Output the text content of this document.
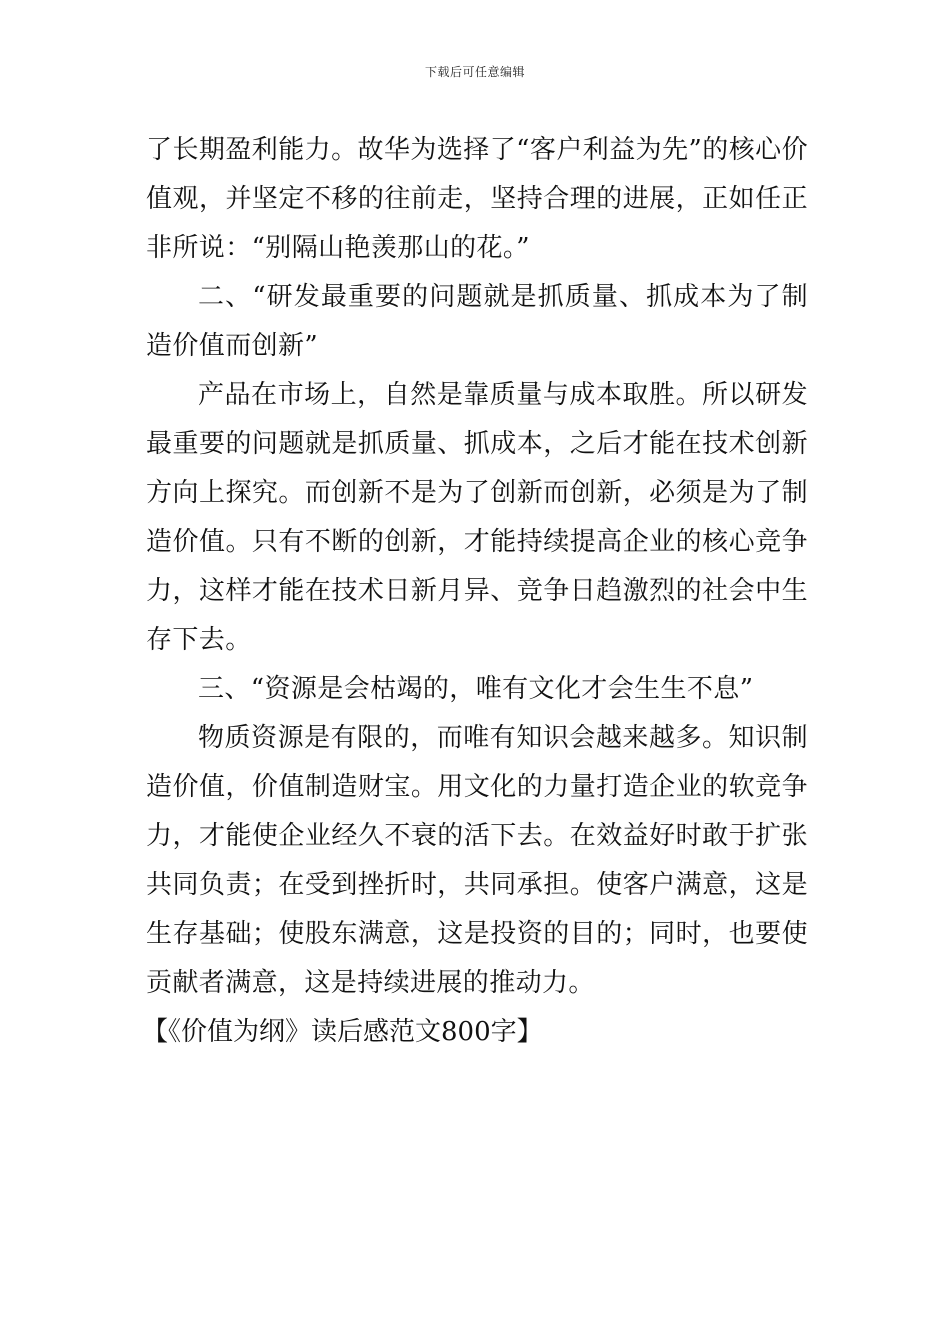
下载后可任意编辑

了长期盈利能力。故华为选择了“客户利益为先”的核心价值观，并坚定不移的往前走，坚持合理的进展，正如任正非所说：“别隔山艳羡那山的花。”

二、“研发最重要的问题就是抓质量、抓成本为了制造价值而创新”

产品在市场上，自然是靠质量与成本取胜。所以研发最重要的问题就是抓质量、抓成本，之后才能在技术创新方向上探究。而创新不是为了创新而创新，必须是为了制造价值。只有不断的创新，才能持续提高企业的核心竞争力，这样才能在技术日新月异、竞争日趋激烈的社会中生存下去。

三、“资源是会枯竭的，唯有文化才会生生不息”

物质资源是有限的，而唯有知识会越来越多。知识制造价值，价值制造财宝。用文化的力量打造企业的软竞争力，才能使企业经久不衰的活下去。在效益好时敢于扩张共同负责；在受到挫折时，共同承担。使客户满意，这是生存基础；使股东满意，这是投资的目的；同时，也要使贡献者满意，这是持续进展的推动力。

【《价值为纲》读后感范文800字】
